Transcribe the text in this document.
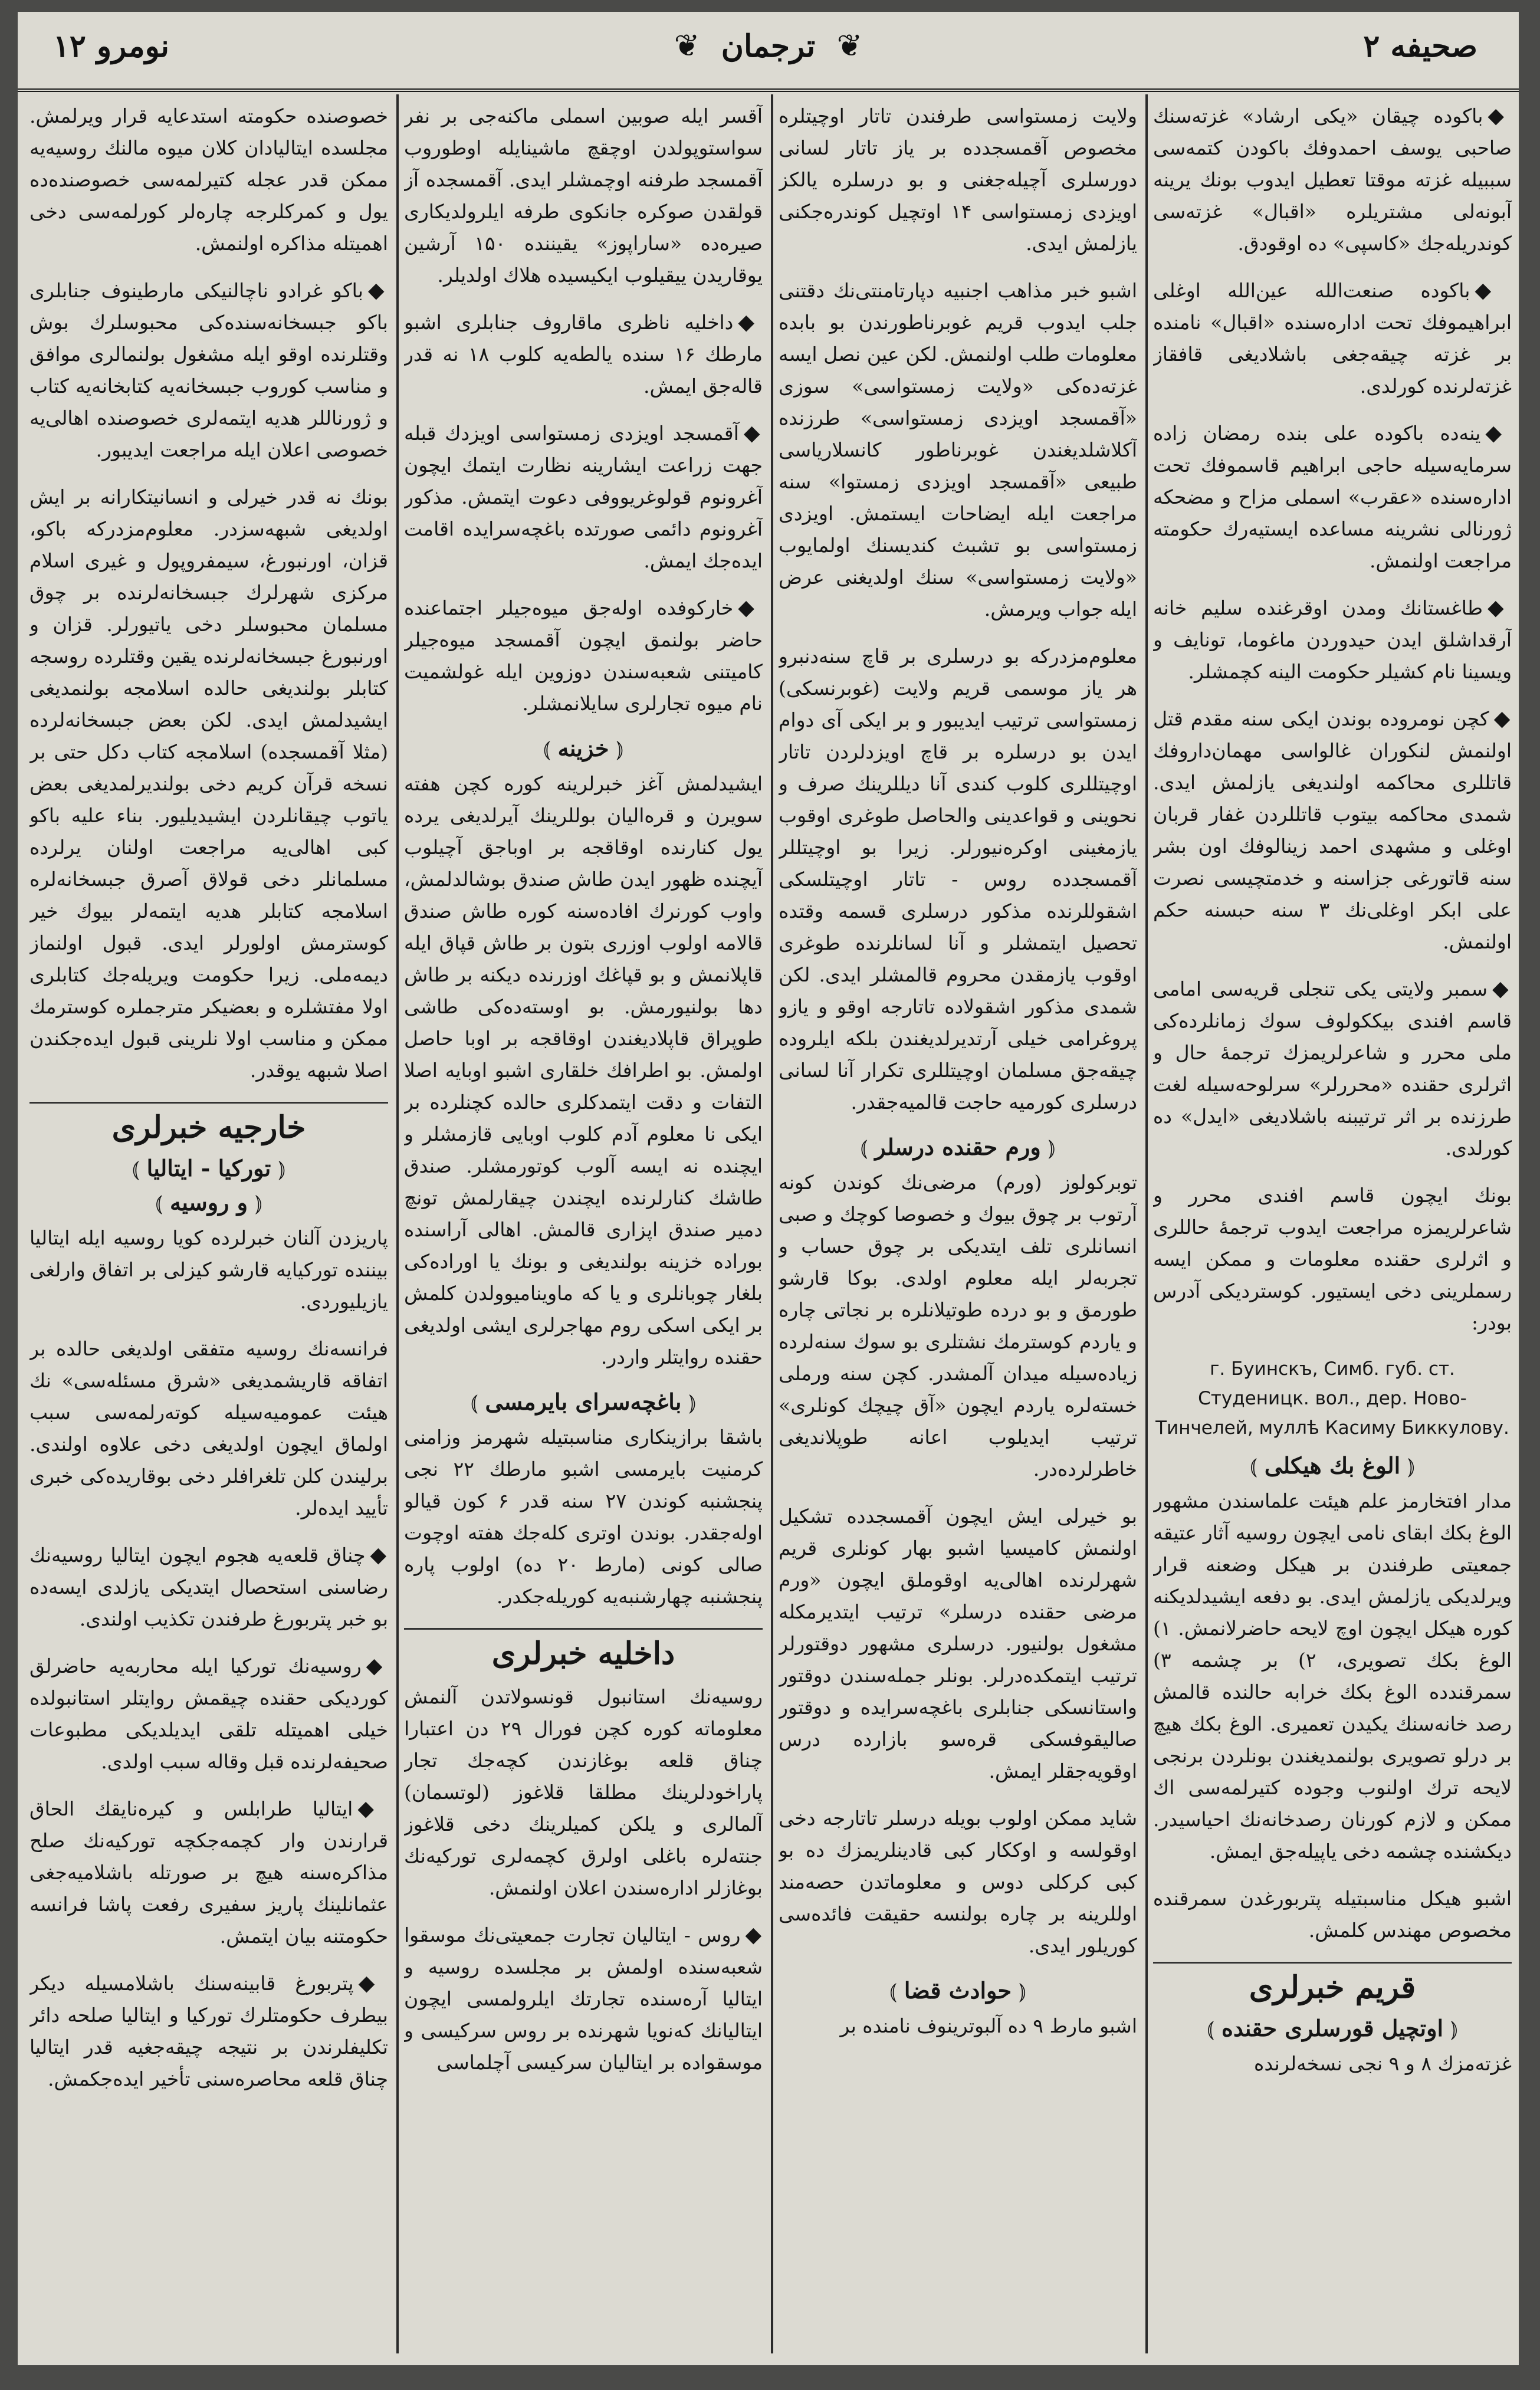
صحیفه ۲
❦ ترجمان ❦
نومرو ۱۲

◆باکوده چیقان «یکی ارشاد» غزته‌سنك صاحبی یوسف احمدوفك باکودن کتمه‌سی سببیله غزته موقتا تعطیل ایدوب بونك یرینه آبونه‌لی مشتریلره «اقبال» غزته‌سی کوندریله‌جك «کاسپی» ده اوقودق.

◆باکوده صنعت‌الله عین‌الله اوغلی ابراهیموفك تحت اداره‌سنده «اقبال» نامنده بر غزته چیقه‌جغی باشلادیغی قافقاز غزته‌لرنده کورلدی.

◆ینه‌ده باکوده علی بنده رمضان زاده سرمایه‌سیله حاجی ابراهیم قاسموفك تحت اداره‌سنده «عقرب» اسملی مزاح و مضحکه ژورنالی نشرینه مساعده ایستیه‌رك حکومته مراجعت اولنمش.

◆طاغستانك ومدن اوقرغنده سلیم خانه آرقداشلق ایدن حیدوردن ماغوما، تونایف و ویسینا نام کشیلر حکومت الینه کچمشلر.

◆کچن نومروده بوندن ایکی سنه مقدم قتل اولنمش لنکوران غالواسی مهمان‌داروفك قاتللری محاکمه اولندیغی یازلمش ایدی. شمدی محاکمه بیتوب قاتللردن غفار قربان اوغلی و مشهدی احمد زینالوفك اون بشر سنه قاتورغی جزاسنه و خدمتچیسی نصرت علی ابکر اوغلی‌نك ۳ سنه حبسنه حکم اولنمش.

◆سمبر ولایتی یکی تنجلی قریه‌سی امامی قاسم افندی بیککولوف سوك زمانلرده‌کی ملی محرر و شاعرلریمزك ترجمهٔ حال و اثرلری حقنده «محررلر» سرلوحه‌سیله لغت طرزنده بر اثر ترتیبنه باشلادیغی «ایدل» ده کورلدی.

بونك ایچون قاسم افندی محرر و شاعرلریمزه مراجعت ایدوب ترجمهٔ حاللری و اثرلری حقنده معلومات و ممکن ایسه رسملرینی دخی ایستیور. کوسترديکی آدرس بودر:

г. Буинскъ, Симб. губ. ст. Студеницк. вол., дер. Ново-Тинчелей, муллѣ Касиму Биккулову.
⦅ الوغ بك هیکلی ⦆

مدار افتخارمز علم هیئت علماسندن مشهور الوغ بکك ابقای نامی ایچون روسیه آثار عتیقه جمعیتی طرفندن بر هیکل وضعنه قرار ویرلدیکی یازلمش ایدی. بو دفعه ایشیدلدیکنه کوره هیکل ایچون اوچ لایحه حاضرلانمش. ۱) الوغ بکك تصویری، ۲) بر چشمه ۳) سمرقندده الوغ بکك خرابه حالنده قالمش رصد خانه‌سنك یکیدن تعمیری. الوغ بکك هیچ بر درلو تصویری بولنمدیغندن بونلردن برنجی لایحه ترك اولنوب وجوده کتیرلمه‌سی اك ممکن و لازم کورنان رصدخانه‌نك احیاسیدر. دیکشنده چشمه دخی یاپیله‌جق ایمش.

اشبو هیکل مناسبتیله پتربورغدن سمرقنده مخصوص مهندس کلمش.

قریم خبرلری
⦅ اوتچیل قورسلری حقنده ⦆

غزته‌مزك ۸ و ۹ نجی نسخه‌لرنده

ولایت زمستواسی طرفندن تاتار اوچیتلره مخصوص آقمسجدده بر یاز تاتار لسانی دورسلری آچیله‌جغنی و بو درسلره یالکز اویزدی زمستواسی ۱۴ اوتچیل کوندره‌جکنی یازلمش ایدی.

اشبو خبر مذاهب اجنبیه دپارتامنتی‌نك دقتنی جلب ایدوب قریم غوبرناطورندن بو بابده معلومات طلب اولنمش. لکن عین نصل ایسه غزته‌ده‌کی «ولایت زمستواسی» سوزی «آقمسجد اویزدی زمستواسی» طرزنده آکلاشلدیغندن غوبرناطور کانسلاریاسی طبیعی «آقمسجد اویزدی زمستوا» سنه مراجعت ایله ایضاحات ایستمش. اویزدی زمستواسی بو تشبث کندیسنك اولمایوب «ولایت زمستواسی» سنك اولدیغنی عرض ایله جواب ویرمش.

معلوم‌مزدرکه بو درسلری بر قاچ سنه‌دنبرو هر یاز موسمی قریم ولایت (غوبرنسکی) زمستواسی ترتیب ایدیبور و بر ایکی آی دوام ایدن بو درسلره بر قاچ اویزدلردن تاتار اوچیتللری کلوب کندی آنا دیللرینك صرف و نحوینی و قواعدینی والحاصل طوغری اوقوب یازمغینی اوکره‌نیورلر. زیرا بو اوچیتللر آقمسجدده روس - تاتار اوچیتلسکی اشقوللرنده مذکور درسلری قسمه وقتده تحصیل ایتمشلر و آنا لسانلرنده طوغری اوقوب یازمقدن محروم قالمشلر ایدی. لکن شمدی مذکور اشقولاده تاتارجه اوقو و یازو پروغرامی خیلی آرتدیرلدیغندن بلکه ایلروده چیقه‌جق مسلمان اوچیتللری تکرار آنا لسانی درسلری کورمیه حاجت قالمیه‌جقدر.

⦅ ورم حقنده درسلر ⦆

توبرکولوز (ورم) مرضی‌نك کوندن کونه آرتوب بر چوق بیوك و خصوصا کوچك و صبی انسانلری تلف ایتدیکی بر چوق حساب و تجربه‌لر ایله معلوم اولدی. بوکا قارشو طورمق و بو درده طوتیلانلره بر نجاتی چاره و یاردم کوسترمك نشتلری بو سوك سنه‌لرده زیاده‌سیله میدان آلمشدر. کچن سنه ورملی خسته‌لره یاردم ایچون «آق چیچك کونلری» ترتیب ایدیلوب اعانه طوپلاندیغی خاطرلرده‌در.

بو خیرلی ایش ایچون آقمسجدده تشکیل اولنمش کامیسیا اشبو بهار کونلری قریم شهرلرنده اهالی‌یه اوقوملق ایچون «ورم مرضی حقنده درسلر» ترتیب ایتدیرمکله مشغول بولنیور. درسلری مشهور دوقتورلر ترتیب ایتمکده‌درلر. بونلر جمله‌سندن دوقتور واستانسکی جنابلری باغچه‌سرایده و دوقتور صالیقوفسکی قره‌سو بازارده درس اوقویه‌جقلر ایمش.

شاید ممکن اولوب بویله درسلر تاتارجه دخی اوقولسه و اوککار کبی قادینلریمزك ده بو کبی کرکلی دوس و معلوماتدن حصه‌مند اوللرینه بر چاره بولنسه حقیقت فائده‌سی کوریلور ایدی.

⦅ حوادث قضا ⦆

اشبو مارط ۹ ده آلبوترینوف نامنده بر

آقسر ایله صوبین اسملی ماکنه‌جی بر نفر سواستوپولدن اوچقچ ماشینایله اوطوروب آقمسجد طرفنه اوچمشلر ایدی. آقمسجده آز قولقدن صوکره جانکوی طرفه ایلرولدیکاری صیره‌ده «ساراپوز» یقیننده ۱۵۰ آرشین یوقاریدن ییقیلوب ایکیسیده هلاك اولدیلر.

◆داخلیه ناظری ماقاروف جنابلری اشبو مارطك ۱۶ سنده یالطه‌یه کلوب ۱۸ نه قدر قاله‌جق ایمش.

◆آقمسجد اویزدی زمستواسی اویزدك قبله جهت زراعت ایشارینه نظارت ایتمك ایچون آغرونوم قولوغریووفی دعوت ایتمش. مذکور آغرونوم دائمی صورتده باغچه‌سرایده اقامت ایده‌جك ایمش.

◆خارکوفده اوله‌جق میوه‌جیلر اجتماعنده حاضر بولنمق ایچون آقمسجد میوه‌جیلر کامیتنی شعبه‌سندن دوزوین ایله غولشمیت نام میوه تجارلری سایلانمشلر.

⦅ خزینه ⦆

ایشیدلمش آغز خبرلرینه کوره کچن هفته سویرن و قره‌الیان بوللرینك آیرلدیغی یرده یول کنارنده اوقاقجه بر اوباجق آچیلوب آیچنده ظهور ایدن طاش صندق بوشالدلمش، واوب کورنرك افاده‌سنه کوره طاش صندق قالامه اولوب اوزری بتون بر طاش قپاق ایله قاپلانمش و بو قپاغك اوزرنده دیکنه بر طاش دها بولنیورمش. بو اوسته‌ده‌کی طاشی طوپراق قاپلادیغندن اوقاقجه بر اوبا حاصل اولمش. بو اطرافك خلقاری اشبو اوبایه اصلا التفات و دقت ایتمدکلری حالده کچنلرده بر ایکی نا معلوم آدم کلوب اوبایی قازمشلر و ایچنده نه ایسه آلوب کوتورمشلر. صندق طاشك کنارلرنده ایچندن چیقارلمش تونچ دمیر صندق اپزاری قالمش. اهالی آراسنده بوراده خزینه بولندیغی و بونك یا اوراده‌کی بلغار چوبانلری و یا که ماوینامیوولدن کلمش بر ایکی اسکی روم مهاجرلری ایشی اولدیغی حقنده روایتلر واردر.

⦅ باغچه‌سرای بایرمسی ⦆

باشقا برازینکاری مناسبتیله شهرمز وزامنی کرمنیت بایرمسی اشبو مارطك ۲۲ نجی پنجشنبه کوندن ۲۷ سنه قدر ۶ کون قیالو اوله‌جقدر. بوندن اوتری کله‌جك هفته اوچوت صالی کونی (مارط ۲۰ ده) اولوب پاره پنجشنبه چهارشنبه‌یه کوریله‌جکدر.

داخلیه خبرلری

روسیه‌نك استانبول قونسولاتدن آلنمش معلوماته کوره کچن فورال ۲۹ دن اعتبارا چناق قلعه بوغازندن کچه‌جك تجار پاراخودلرینك مطلقا قلاغوز (لوتسمان) آلمالری و یلکن کمیلرینك دخی قلاغوز جنته‌لره باغلی اولرق کچمه‌لری تورکیه‌نك بوغازلر اداره‌سندن اعلان اولنمش.

◆روس - ایتالیان تجارت جمعیتی‌نك موسقوا شعبه‌سنده اولمش بر مجلسده روسیه و ایتالیا آره‌سنده تجارتك ایلرولمسی ایچون ایتالیانك که‌نویا شهرنده بر روس سرکیسی و موسقوا‌ده بر ایتالیان سرکیسی آچلماسی

خصوصنده حکومته استدعایه قرار ویرلمش. مجلسده ایتالیادان کلان میوه مالنك روسیه‌یه ممکن قدر عجله کتیرلمه‌سی خصوصنده‌ده یول و کمرکلرجه چاره‌لر کورلمه‌سی دخی اهمیتله مذاکره اولنمش.

◆باکو غرادو ناچالنیکی مارطینوف جنابلری باکو جبسخانه‌سنده‌کی محبوسلرك بوش وقتلرنده اوقو ایله مشغول بولنمالری موافق و مناسب کوروب جبسخانه‌یه کتابخانه‌یه کتاب و ژورناللر هدیه ایتمه‌لری خصوصنده اهالی‌یه خصوصی اعلان ایله مراجعت ایدیبور.

بونك نه قدر خیرلی و انسانیتکارانه بر ایش اولدیغی شبهه‌سزدر. معلوم‌مزدرکه باکو، قزان، اورنبورغ، سیمفروپول و غیری اسلام مرکزی شهرلرك جبسخانه‌لرنده بر چوق مسلمان محبوسلر دخی یاتیورلر. قزان و اورنبورغ جبسخانه‌لرنده یقین وقتلرده روسجه کتابلر بولندیغی حالده اسلامجه بولنمدیغی ایشیدلمش ایدی. لکن بعض جبسخانه‌لرده (مثلا آقمسجده) اسلامجه کتاب دکل حتی بر نسخه قرآن کریم دخی بولندیرلمدیغی بعض یاتوب چیقانلردن ایشیدیلیور. بناء علیه باکو کبی اهالی‌یه مراجعت اولنان یرلرده مسلمانلر دخی قولاق آصرق جبسخانه‌لره اسلامجه کتابلر هدیه ایتمه‌لر بیوك خیر کوسترمش اولورلر ایدی. قبول اولنماز دیمه‌ملی. زیرا حکومت ویریله‌جك کتابلری اولا مفتشلره و بعضیکر مترجملره کوسترمك ممکن و مناسب اولا نلرینی قبول ایده‌جکندن اصلا شبهه یوقدر.

خارجیه خبرلری
⦅ تورکیا - ایتالیا ⦆
⦅ و روسیه ⦆

پاریزدن آلنان خبرلرده کویا روسیه ایله ایتالیا بیننده تورکیایه قارشو کیزلی بر اتفاق وارلغی یازیلیوردی.

فرانسه‌نك روسیه متفقی اولدیغی حالده بر اتفاقه قاریشمدیغی «شرق مسئله‌سی» نك هیئت عمومیه‌سیله کوته‌رلمه‌سی سبب اولماق ایچون اولدیغی دخی علاوه اولندی. برلیندن کلن تلغرافلر دخی بوقاریده‌کی خبری تأیید ایده‌لر.

◆چناق قلعه‌یه هجوم ایچون ایتالیا روسیه‌نك رضاسنی استحصال ایتدیکی یازلدی ایسه‌ده بو خبر پتربورغ طرفندن تکذیب اولندی.

◆روسیه‌نك تورکیا ایله محاربه‌یه حاضرلق کوردیکی حقنده چیقمش روایتلر استانبولده خیلی اهمیتله تلقی ایدیلدیکی مطبوعات صحیفه‌لرنده قبل وقاله سبب اولدی.

◆ایتالیا طرابلس و کیره‌نایقك الحاق قرارندن وار کچمه‌جکچه تورکیه‌نك صلح مذاکره‌سنه هیچ بر صورتله باشلامیه‌جغی عثمانلینك پاریز سفیری رفعت پاشا فرانسه حکومتنه بیان ایتمش.

◆پتربورغ قابینه‌سنك باشلامسیله دیکر بیطرف حکومتلرك تورکیا و ایتالیا صلحه دائر تکلیفلرندن بر نتیجه چیقه‌جغیه قدر ایتالیا چناق قلعه محاصره‌سنی تأخیر ایده‌جکمش.
